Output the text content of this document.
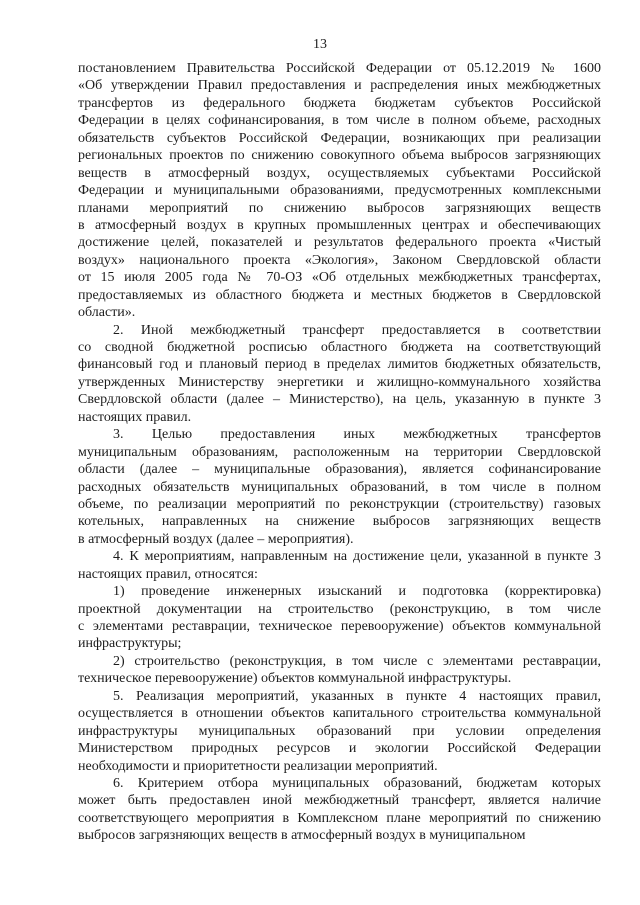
13
постановлением Правительства Российской Федерации от 05.12.2019 № 1600
«Об утверждении Правил предоставления и распределения иных межбюджетных
трансфертов из федерального бюджета бюджетам субъектов Российской
Федерации в целях софинансирования, в том числе в полном объеме, расходных
обязательств субъектов Российской Федерации, возникающих при реализации
региональных проектов по снижению совокупного объема выбросов загрязняющих
веществ в атмосферный воздух, осуществляемых субъектами Российской
Федерации и муниципальными образованиями, предусмотренных комплексными
планами мероприятий по снижению выбросов загрязняющих веществ
в атмосферный воздух в крупных промышленных центрах и обеспечивающих
достижение целей, показателей и результатов федерального проекта «Чистый
воздух» национального проекта «Экология», Законом Свердловской области
от 15 июля 2005 года № 70-ОЗ «Об отдельных межбюджетных трансфертах,
предоставляемых из областного бюджета и местных бюджетов в Свердловской
области».
2. Иной межбюджетный трансферт предоставляется в соответствии
со сводной бюджетной росписью областного бюджета на соответствующий
финансовый год и плановый период в пределах лимитов бюджетных обязательств,
утвержденных Министерству энергетики и жилищно-коммунального хозяйства
Свердловской области (далее – Министерство), на цель, указанную в пункте 3
настоящих правил.
3. Целью предоставления иных межбюджетных трансфертов
муниципальным образованиям, расположенным на территории Свердловской
области (далее – муниципальные образования), является софинансирование
расходных обязательств муниципальных образований, в том числе в полном
объеме, по реализации мероприятий по реконструкции (строительству) газовых
котельных, направленных на снижение выбросов загрязняющих веществ
в атмосферный воздух (далее – мероприятия).
4. К мероприятиям, направленным на достижение цели, указанной в пункте 3
настоящих правил, относятся:
1) проведение инженерных изысканий и подготовка (корректировка)
проектной документации на строительство (реконструкцию, в том числе
с элементами реставрации, техническое перевооружение) объектов коммунальной
инфраструктуры;
2) строительство (реконструкция, в том числе с элементами реставрации,
техническое перевооружение) объектов коммунальной инфраструктуры.
5. Реализация мероприятий, указанных в пункте 4 настоящих правил,
осуществляется в отношении объектов капитального строительства коммунальной
инфраструктуры муниципальных образований при условии определения
Министерством природных ресурсов и экологии Российской Федерации
необходимости и приоритетности реализации мероприятий.
6. Критерием отбора муниципальных образований, бюджетам которых
может быть предоставлен иной межбюджетный трансферт, является наличие
соответствующего мероприятия в Комплексном плане мероприятий по снижению
выбросов загрязняющих веществ в атмосферный воздух в муниципальном
